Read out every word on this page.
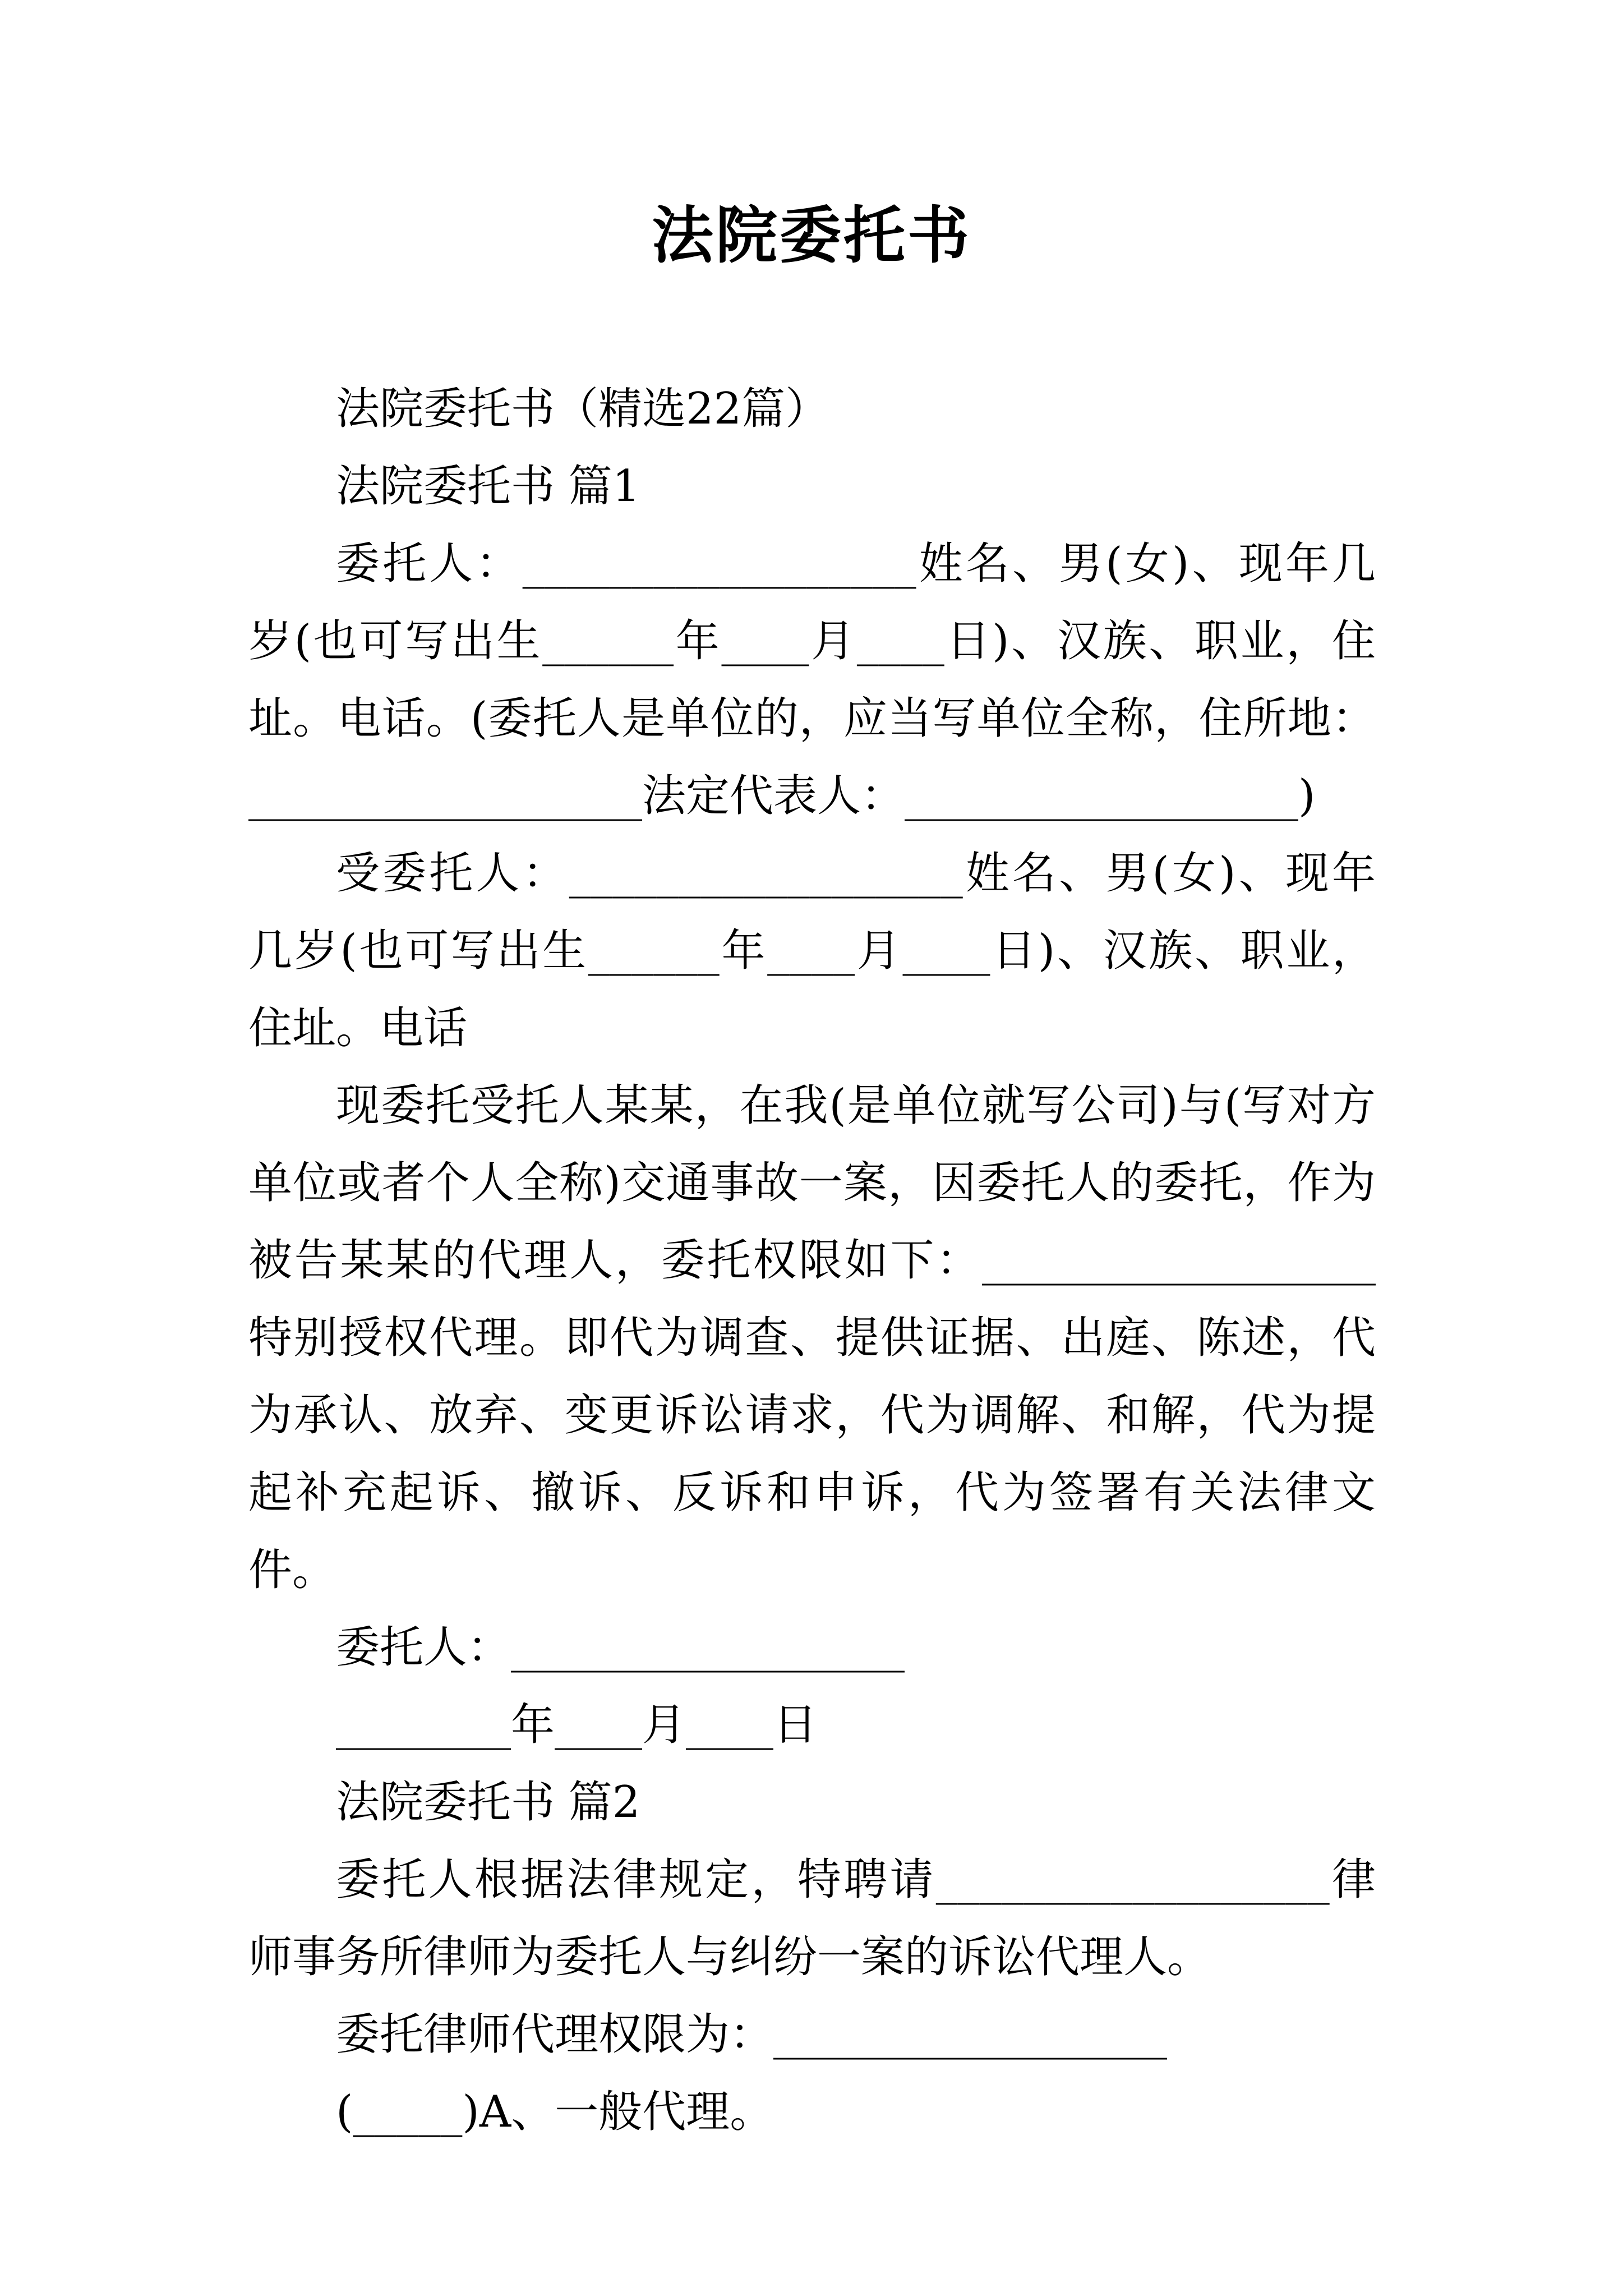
法院委托书

法院委托书（精选22篇）

法院委托书 篇1

委托人：__________________姓名、男(女)、现年几岁(也可写出生______年____月____日)、汉族、职业，住址。电话。(委托人是单位的，应当写单位全称，住所地：__________________法定代表人：__________________)

受委托人：__________________姓名、男(女)、现年几岁(也可写出生______年____月____日)、汉族、职业，住址。电话

现委托受托人某某，在我(是单位就写公司)与(写对方单位或者个人全称)交通事故一案，因委托人的委托，作为被告某某的代理人，委托权限如下：__________________特别授权代理。即代为调查、提供证据、出庭、陈述，代为承认、放弃、变更诉讼请求，代为调解、和解，代为提起补充起诉、撤诉、反诉和申诉，代为签署有关法律文件。

委托人：__________________

________年____月____日

法院委托书 篇2

委托人根据法律规定，特聘请__________________律师事务所律师为委托人与纠纷一案的诉讼代理人。

委托律师代理权限为：__________________

(_____)A、一般代理。
